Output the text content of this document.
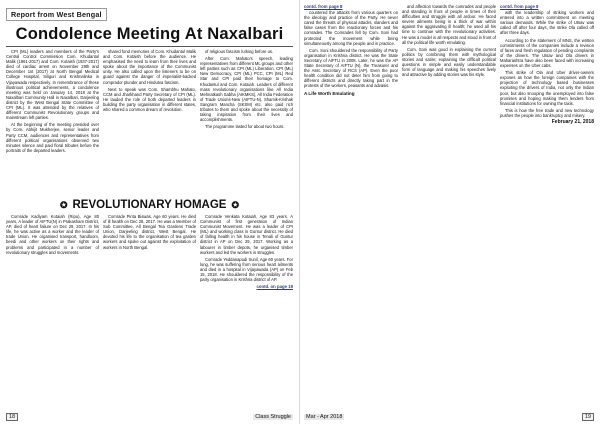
Report from West Bengal
Condolence Meeting At Naxalbari

CPI (ML) leaders and members of the Party's Central Control Commission Com. Khudantul Malik (1961-2017) and Com. Kotaish (1937-2017) died of cardiac arrest on November 29th and December 1st (2017) at North Bengal Medical College Hospital, Siliguri and Krishnalinka in Vijayawada respectively. In remembrance of these illustrious political achievements, a condolence meeting was held on January 14, 2018 at the Naxalbari Community Hall in Naxalbari, Darjeeling district by the West Bengal State Committee of CPI (ML). It was attended by the relatives of different Communist Revolutionary groups and mainstream left parties.

At the beginning of the meeting presided over by Com. Abhijit Mukherjee, senior leader and Party CCM, audiences and representatives from different political organisations observed two minutes silence and paid floral tributes before the portraits of the departed leaders.

shared fond memories of Com. Khudantul Malik and Com. Kotaish before the audience. He emphasised the need to learn from their lives and spoke about the importance of the Communist unity. He also called upon the listeners to be on guard against the danger of imperialist-backed comprador plunder and Hindutva fascism.

Next to speak was Com. Shambhu Mahato, CCM and Jharkhand Party Secretary of CPI (ML). He lauded the role of both departed leaders in building the party organisation in different states, who shared a common dream of revolution.

of religious fascism lurking before us.

After Com. Mahato's speech, leading representatives from different ML groups and other left parties such as CPI (ML) Liberation, CPI (ML) New Democracy, CPI (ML) PCC, CPI (ML) Red Star and CPI paid their homage to Com. Khudantul and Com. Kotaiah. Leaders of different mass revolutionary organisations like All India Mehnatkash Sabha (AIKMKS), All India Federation of Trade Unions-New (AIFTU-N), Shamik-Krishak Sangram Mancha (SKSM) etc. also paid rich tributes to them and spoke about the necessity of taking inspiration from their lives and accomplishments.

The programme lasted for about two hours.

✪ REVOLUTIONARY HOMAGE ✪

Comrade Kadiyam Kotaiah (Ripu), Age 80 years, A leader of AIFTU(N) in Prakasham District, AP, died of heart failure on Dec 29, 2017. In his life, he was active as a worker and the leader of trade Union. He organised transport, handloom, beedi and other workers on their rights and problems and participated in a number of revolutionary struggles and movements.

Comrade Pinta Biswas, Age 60 years. He died of ill health on Dec 26, 2017. He was a Member of Sub Committee, All Bengal Tea Gardens Trade Union, Darjeeling district, West Bengal. He devoted his life to the organisation of tea garden workers and spoke out against the exploitation of workers in North Bengal.

Comrade Venkata Kotaiah, Age 83 years. A Communist of first generation of Indian Communist Movement. He was a leader of CPI (ML) and working class in Guntur district. He died of falling health in his house in Tenali of Guntur district in AP on Dec 29, 2017. Working as a labourer in timber depots, he organised timber workers and led the workers in struggles.

Comrade Yeddanapudi Sunil, Age 60 years. For long, he was suffering from serious heart ailments and died in a hospital in Vijayawada (AP) on Feb 15, 2018. He shouldered the responsibility of the party organisation in Krishna district of AP.

contd. on page 19
18	Class Struggle
contd. from page 8

countered the attacks from various quarters on the ideology and practice of the Party. He never cared the threats of physical attacks, slanders and false cases from the reactionary forces and his comrades. The Comrades fell by Com. Soni had protected the movement while being simultaneously among the people and in practice.

Com. Soni shouldered the responsibility of Party organisation in Krishna district. He was the State Secretary of AIFTU in 2008. Later, he was the AP State Secretary of AIFTU (N), the Treasurer and the Asst. Secretary of RCS (AP). Even the poor health condition did not deter him from going to different districts and directly taking part in the protests of the workers, peasants and advasis.

A Life Worth Emulating

and affection towards the comrades and people and standing in front of people in times of their difficulties and struggle with all ardour. He faced severe ailments being in a thick of war within against the aggravating ill health; he used all his time to continue with the revolutionary activities. He was a model in all respects and stood in front of all the political life worth emulating.

Com. Soni was good in explaining the current politics by combining them with mythological stories and satire; explaining the difficult political questions in simple and easily understandable form of language and making his speeches lively and attractive by adding stories was his style.

contd. from page 8

with the leadership of striking workers and entered into a written commitment on meeting various demands. While the strike of Utsav was called off after four days, the strike Ola called off after three days.

According to the statement of MNS, the written commitments of the companies include a revision of fares and fresh regulation of pending complaints of the drivers. The Utsav and Ola drivers in Maharashtra have also been faced with increasing expenses on the Uber cabs.

This strike of Ola and Uber driver-owners exposes as how the foreign companies with the projection of technology based businesses exploiting the drivers of India, not only the Indian poor, but also snooping the unemployed into false promises and hoping making them lenders from financial institutions for owning the taxis.

This is how the free trade and new technology pushes the people into bankruptcy and misery.

February 21, 2018
Mar - Apr 2018	19
